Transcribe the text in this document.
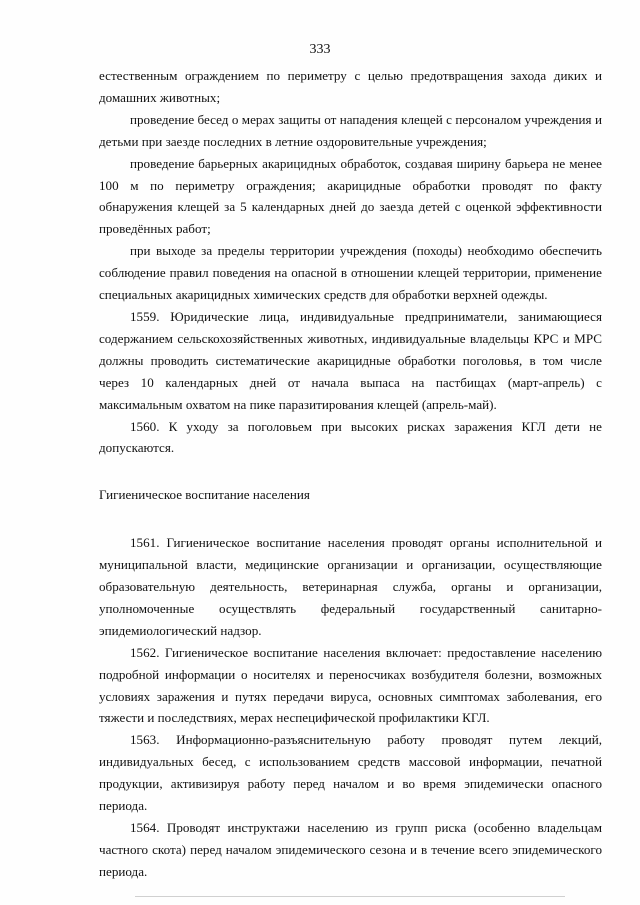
333

естественным ограждением по периметру с целью предотвращения захода диких и домашних животных;

проведение бесед о мерах защиты от нападения клещей с персоналом учреждения и детьми при заезде последних в летние оздоровительные учреждения;

проведение барьерных акарицидных обработок, создавая ширину барьера не менее 100 м по периметру ограждения; акарицидные обработки проводят по факту обнаружения клещей за 5 календарных дней до заезда детей с оценкой эффективности проведённых работ;

при выходе за пределы территории учреждения (походы) необходимо обеспечить соблюдение правил поведения на опасной в отношении клещей территории, применение специальных акарицидных химических средств для обработки верхней одежды.

1559. Юридические лица, индивидуальные предприниматели, занимающиеся содержанием сельскохозяйственных животных, индивидуальные владельцы КРС и МРС должны проводить систематические акарицидные обработки поголовья, в том числе через 10 календарных дней от начала выпаса на пастбищах (март-апрель) с максимальным охватом на пике паразитирования клещей (апрель-май).

1560. К уходу за поголовьем при высоких рисках заражения КГЛ дети не допускаются.

Гигиеническое воспитание населения

1561. Гигиеническое воспитание населения проводят органы исполнительной и муниципальной власти, медицинские организации и организации, осуществляющие образовательную деятельность, ветеринарная служба, органы и организации, уполномоченные осуществлять федеральный государственный санитарно-эпидемиологический надзор.

1562. Гигиеническое воспитание населения включает: предоставление населению подробной информации о носителях и переносчиках возбудителя болезни, возможных условиях заражения и путях передачи вируса, основных симптомах заболевания, его тяжести и последствиях, мерах неспецифической профилактики КГЛ.

1563. Информационно-разъяснительную работу проводят путем лекций, индивидуальных бесед, с использованием средств массовой информации, печатной продукции, активизируя работу перед началом и во время эпидемически опасного периода.

1564. Проводят инструктажи населению из групп риска (особенно владельцам частного скота) перед началом эпидемического сезона и в течение всего эпидемического периода.
